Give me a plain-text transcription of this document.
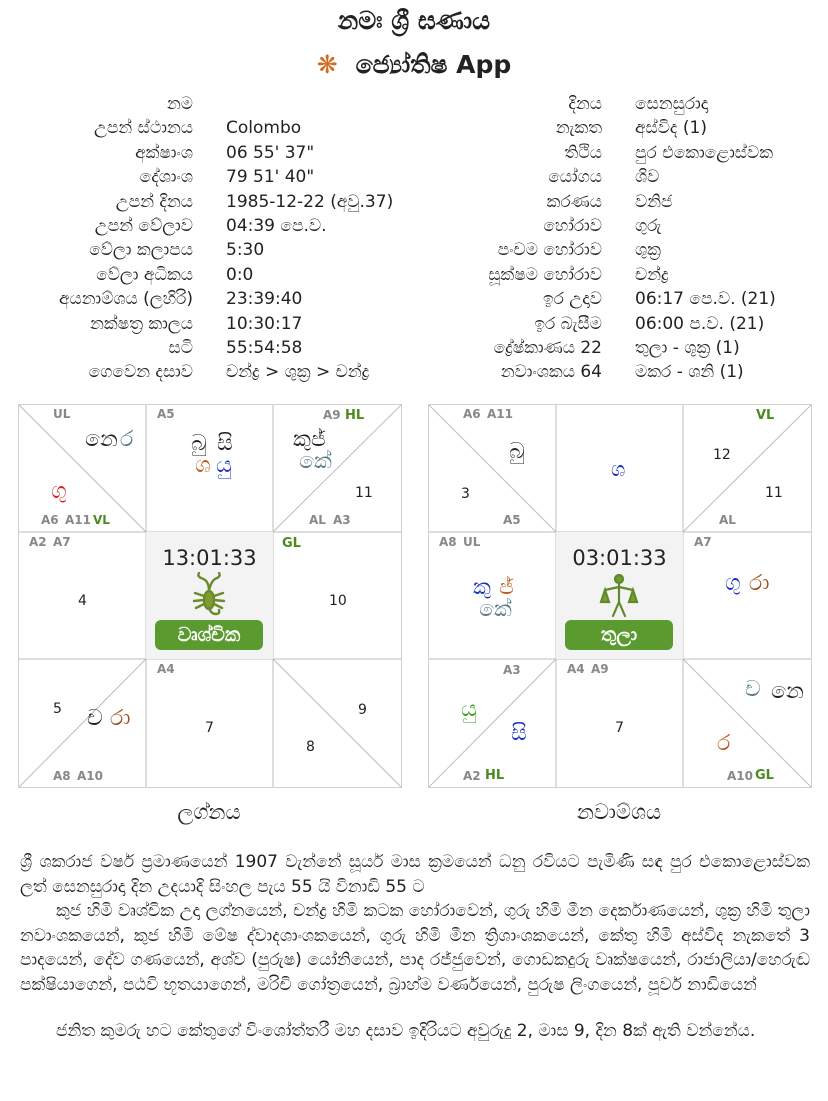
නමඃ ශ්‍රී ඝණාය
❋ ජ්‍යෝතිෂ App
නම
උපන් ස්ථානය Colombo
අක්ෂාංශ 06 55' 37"
දේශාංශ 79 51' 40"
උපන් දිනය 1985-12-22 (අවු.37)
උපන් වේලාව 04:39 පෙ.ව.
වේලා කලාපය 5:30
වේලා අධිකය 0:0
අයනාම්ශය (ලහිරි) 23:39:40
නක්ෂත්‍ර කාලය 10:30:17
සටි 55:54:58
ගෙවෙන දසාව චන්ද්‍ර > ශුක්‍ර > චන්ද්‍ර
දිනය සෙනසුරාදා
නැකත අස්විද (1)
තිථිය පුර එකොළොස්වක
යෝගය ශිව
කරණය වනිජ
හෝරාව ගුරු
පංචම හෝරාව ශුක්‍ර
සූක්ෂම හෝරාව චන්ද්‍ර
ඉර උදාව 06:17 පෙ.ව. (21)
ඉර බැසීම 06:00 ප.ව. (21)
ද්‍රේෂ්කාණය 22 තුලා - ශුක්‍ර (1)
නවාංශකය 64 මකර - ශනි (1)
UL
නෙ ර
ගු
A6 A11 VL
A5
බු සි
ශ යු
A9 HL
කුජ්
කේ
11
AL A3
A2 A7
4
13:01:33
වෘශ්චික
GL
10
5 ච රා
A8 A10
A4
7
9
8
ලග්නය
A6 A11
බු
3
A5
ශ
VL
12
11
AL
A8 UL
කු ජ්
කේ
03:01:33
තුලා
A7
ගු රා
A3
යු
සි
A2 HL
A4 A9
7
ච නෙ
ර
A10 GL
නවාම්ශය
ශ්‍රී ශකරාජ වර්ෂ ප්‍රමාණයෙන් 1907 වැන්නේ සූර්ය මාස ක්‍රමයෙන් ධනු රවියට පැමිණි සඳ පුර එකොළොස්වක ලත් සෙනසුරාදා දින උදයාදි සිංහල පැය 55 යි විනාඩි 55 ට
කුජ හිමි වෘශ්චික උදා ලග්නයෙන්, චන්ද්‍ර හිමි කටක හෝරාවෙන්, ගුරු හිමි මීන දෙර්කාණයෙන්, ශුක්‍ර හිමි තුලා නවාංශකයෙන්, කුජ හිමි මේෂ ද්වාදශාංශකයෙන්, ගුරු හිමි මීන ත්‍රිශාංශකයෙන්, කේතු හිමි අස්විද නැකතේ 3 පාදයෙන්, දේව ගණයෙන්, අශ්ව (පුරුෂ) යෝනියෙන්, පාද රජ්ජුවෙන්, ගොඩකදුරු වෘක්ෂයෙන්, රාජාලියා/හෙරුඬ පක්ෂියාගෙන්, පඨවි භූතයාගෙන්, මරිචි ගෝත්‍රයෙන්, බ්‍රාහ්ම වර්ණයෙන්, පුරුෂ ලිංගයෙන්, පූර්ව නාඩියෙන්
ජනිත කුමරු හට කේතුගේ විංශෝත්තරී මහ දසාව ඉදිරියට අවුරුදු 2, මාස 9, දින 8ක් ඇති වන්නේය.
